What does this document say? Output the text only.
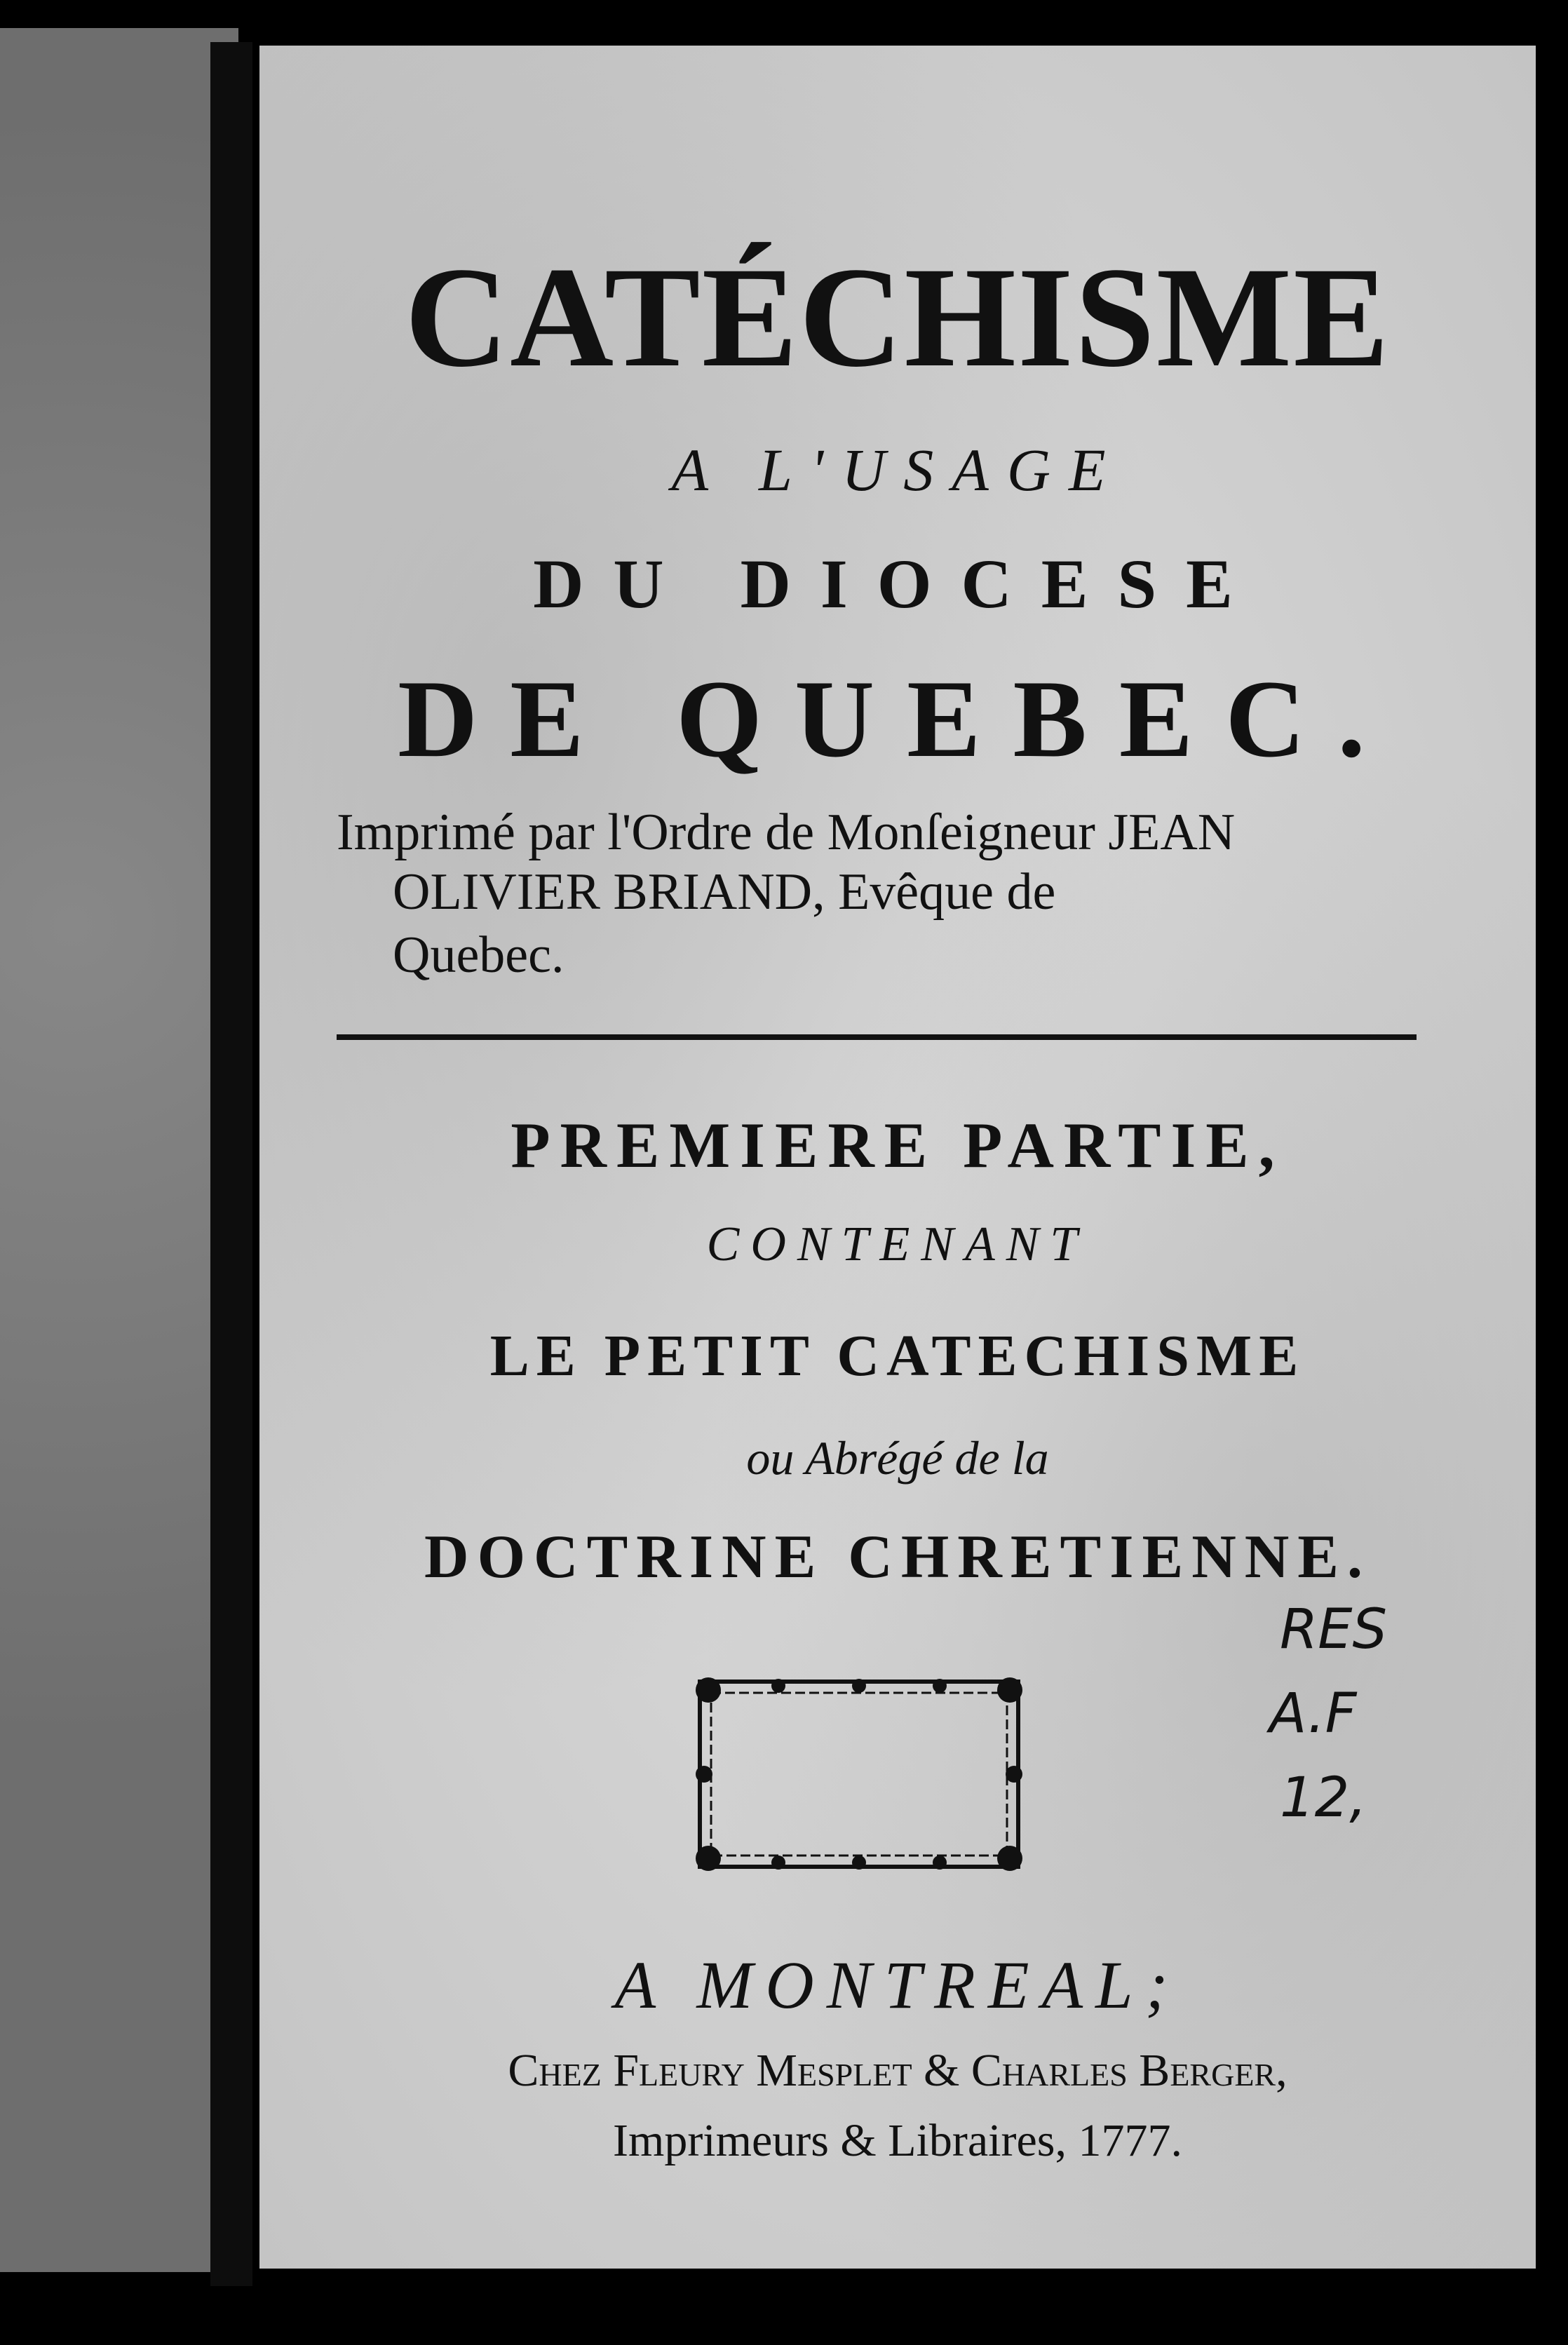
CATÉCHISME
A L'USAGE
DU DIOCESE
DE QUEBEC.
Imprimé par l'Ordre de Monſeigneur JEAN
OLIVIER BRIAND, Evêque de
Quebec.
PREMIERE PARTIE,
CONTENANT
LE PETIT CATECHISME
ou Abrégé de la
DOCTRINE CHRETIENNE.
RES
A.F
12,
A MONTREAL;
Chez Fleury Mesplet & Charles Berger,
Imprimeurs & Libraires, 1777.
